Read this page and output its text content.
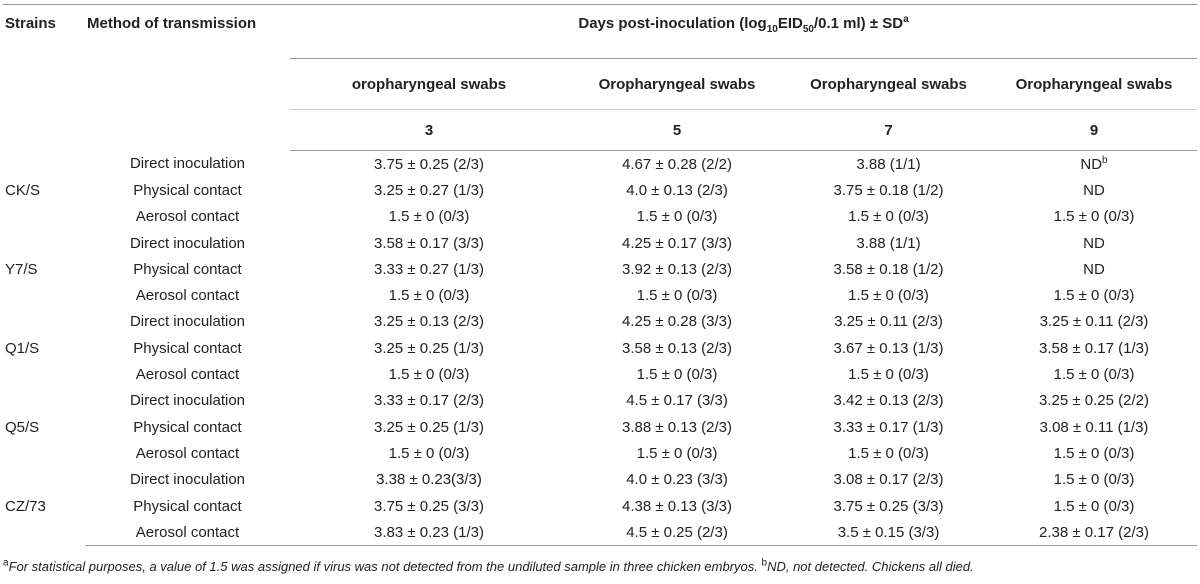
Strains	Method of transmission	Days post-inoculation ($\log_{10}EID_{50}/0.1$ $ml) \pm SD^a$
		oropharyngeal swabs	Oropharyngeal swabs	Oropharyngeal swabs	Oropharyngeal swabs
		3	5	7	9
CK/S	Direct inoculation	3.75 ± 0.25 (2/3)	4.67 ± 0.28 (2/2)	3.88 (1/1)	$ND^b$
	Physical contact	3.25 ± 0.27 (1/3)	4.0 ± 0.13 (2/3)	3.75 ± 0.18 (1/2)	ND
	Aerosol contact	1.5 ± 0 (0/3)	1.5 ± 0 (0/3)	1.5 ± 0 (0/3)	1.5 ± 0 (0/3)
Y7/S	Direct inoculation	3.58 ± 0.17 (3/3)	4.25 ± 0.17 (3/3)	3.88 (1/1)	ND
	Physical contact	3.33 ± 0.27 (1/3)	3.92 ± 0.13 (2/3)	3.58 ± 0.18 (1/2)	ND
	Aerosol contact	1.5 ± 0 (0/3)	1.5 ± 0 (0/3)	1.5 ± 0 (0/3)	1.5 ± 0 (0/3)
Q1/S	Direct inoculation	3.25 ± 0.13 (2/3)	4.25 ± 0.28 (3/3)	3.25 ± 0.11 (2/3)	3.25 ± 0.11 (2/3)
	Physical contact	3.25 ± 0.25 (1/3)	3.58 ± 0.13 (2/3)	3.67 ± 0.13 (1/3)	3.58 ± 0.17 (1/3)
	Aerosol contact	1.5 ± 0 (0/3)	1.5 ± 0 (0/3)	1.5 ± 0 (0/3)	1.5 ± 0 (0/3)
Q5/S	Direct inoculation	3.33 ± 0.17 (2/3)	4.5 ± 0.17 (3/3)	3.42 ± 0.13 (2/3)	3.25 ± 0.25 (2/2)
	Physical contact	3.25 ± 0.25 (1/3)	3.88 ± 0.13 (2/3)	3.33 ± 0.17 (1/3)	3.08 ± 0.11 (1/3)
	Aerosol contact	1.5 ± 0 (0/3)	1.5 ± 0 (0/3)	1.5 ± 0 (0/3)	1.5 ± 0 (0/3)
CZ/73	Direct inoculation	3.38 ± 0.23(3/3)	4.0 ± 0.23 (3/3)	3.08 ± 0.17 (2/3)	1.5 ± 0 (0/3)
	Physical contact	3.75 ± 0.25 (3/3)	4.38 ± 0.13 (3/3)	3.75 ± 0.25 (3/3)	1.5 ± 0 (0/3)
	Aerosol contact	3.83 ± 0.23 (1/3)	4.5 ± 0.25 (2/3)	3.5 ± 0.15 (3/3)	2.38 ± 0.17 (2/3)
$^a$For statistical purposes, a value of 1.5 was assigned if virus was not detected from the undiluted sample in three chicken embryos. $^b$ND, not detected. Chickens all died.
